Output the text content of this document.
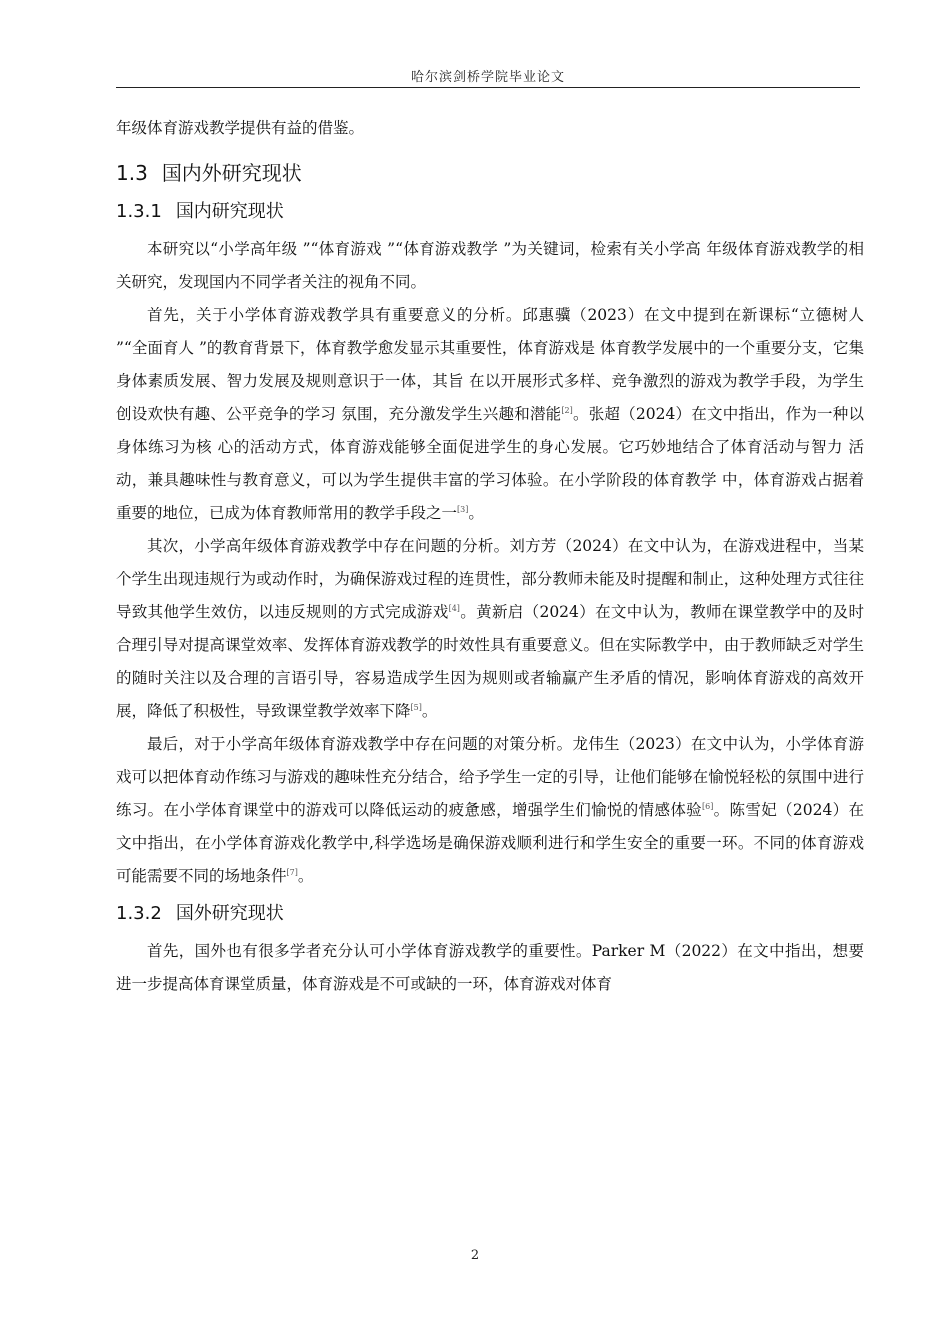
哈尔滨剑桥学院毕业论文

年级体育游戏教学提供有益的借鉴。

1.3 国内外研究现状
1.3.1 国内研究现状

本研究以“小学高年级 ”“体育游戏 ”“体育游戏教学 ”为关键词，检索有关小学高 年级体育游戏教学的相关研究，发现国内不同学者关注的视角不同。

首先，关于小学体育游戏教学具有重要意义的分析。邱惠骥（2023）在文中提到在新课标“立德树人 ”“全面育人 ”的教育背景下，体育教学愈发显示其重要性，体育游戏是 体育教学发展中的一个重要分支，它集身体素质发展、智力发展及规则意识于一体，其旨 在以开展形式多样、竞争激烈的游戏为教学手段，为学生创设欢快有趣、公平竞争的学习 氛围，充分激发学生兴趣和潜能[2]。张超（2024）在文中指出，作为一种以身体练习为核 心的活动方式，体育游戏能够全面促进学生的身心发展。它巧妙地结合了体育活动与智力 活动，兼具趣味性与教育意义，可以为学生提供丰富的学习体验。在小学阶段的体育教学 中，体育游戏占据着重要的地位，已成为体育教师常用的教学手段之一[3]。

其次，小学高年级体育游戏教学中存在问题的分析。刘方芳（2024）在文中认为，在游戏进程中，当某个学生出现违规行为或动作时，为确保游戏过程的连贯性，部分教师未能及时提醒和制止，这种处理方式往往导致其他学生效仿，以违反规则的方式完成游戏[4]。黄新启（2024）在文中认为，教师在课堂教学中的及时合理引导对提高课堂效率、发挥体育游戏教学的时效性具有重要意义。但在实际教学中，由于教师缺乏对学生的随时关注以及合理的言语引导，容易造成学生因为规则或者输赢产生矛盾的情况，影响体育游戏的高效开展，降低了积极性，导致课堂教学效率下降[5]。

最后，对于小学高年级体育游戏教学中存在问题的对策分析。龙伟生（2023）在文中认为，小学体育游戏可以把体育动作练习与游戏的趣味性充分结合，给予学生一定的引导，让他们能够在愉悦轻松的氛围中进行练习。在小学体育课堂中的游戏可以降低运动的疲惫感，增强学生们愉悦的情感体验[6]。陈雪妃（2024）在文中指出，在小学体育游戏化教学中,科学选场是确保游戏顺利进行和学生安全的重要一环。不同的体育游戏可能需要不同的场地条件[7]。

1.3.2 国外研究现状

首先，国外也有很多学者充分认可小学体育游戏教学的重要性。Parker M（2022）在文中指出，想要进一步提高体育课堂质量，体育游戏是不可或缺的一环，体育游戏对体育

2
